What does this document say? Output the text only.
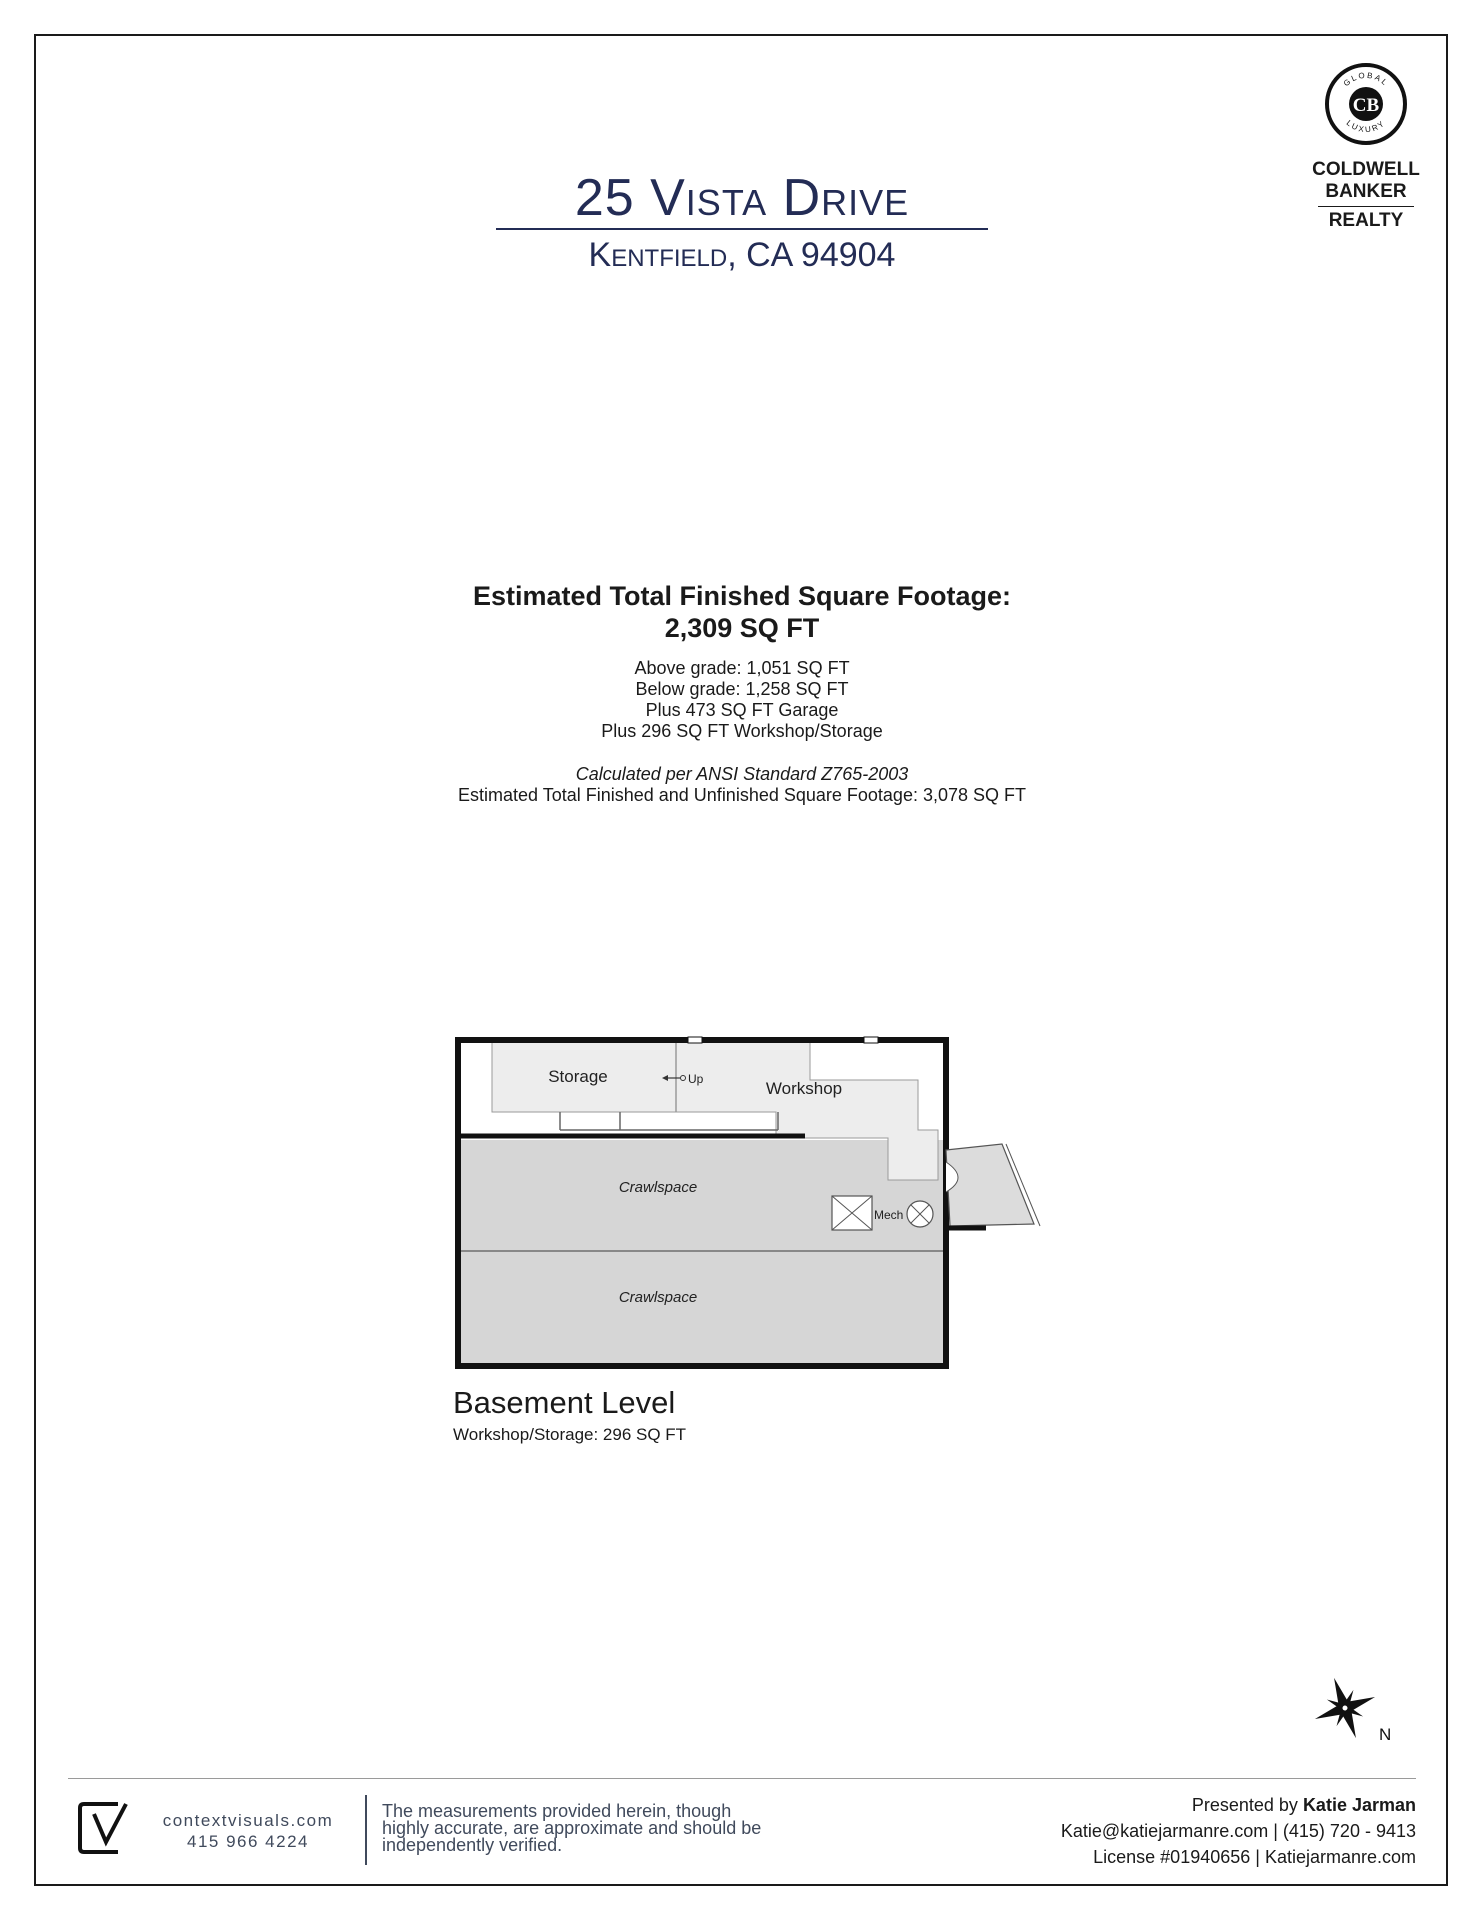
25 Vista Drive
Kentfield, CA 94904
GLOBAL
LUXURY
CB
COLDWELL
BANKER
REALTY
Estimated Total Finished Square Footage:
2,309 SQ FT
Above grade: 1,051 SQ FT
Below grade: 1,258 SQ FT
Plus 473 SQ FT Garage
Plus 296 SQ FT Workshop/Storage
Calculated per ANSI Standard Z765-2003
Estimated Total Finished and Unfinished Square Footage: 3,078 SQ FT
Storage	Up	Workshop
Crawlspace
Crawlspace
Mech
Basement Level
Workshop/Storage: 296 SQ FT
N
contextvisuals.com
415 966 4224
The measurements provided herein, though highly accurate, are approximate and should be independently verified.
Presented by Katie Jarman
Katie@katiejarmanre.com | (415) 720 - 9413
License #01940656 | Katiejarmanre.com
